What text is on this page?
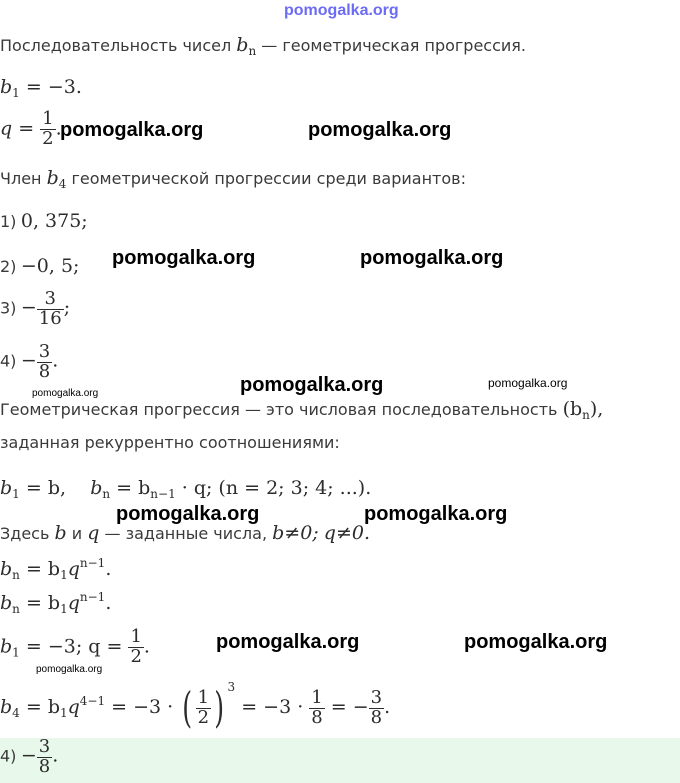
pomogalka.org
Последовательность чисел $b_n$ — геометрическая прогрессия.
$b_1 = -3$.
$q = \frac{1}{2}$ .
pomogalka.org	pomogalka.org
Член $b_4$ геометрической прогрессии среди вариантов:
1) 0, 375;
2) −0, 5; pomogalka.org	pomogalka.org
$3) - \frac{3}{16}$ ;
$4) - \frac{3}{8}$ .
pomogalka.org	pomogalka.org	pomogalka.org
Геометрическая прогрессия — это числовая последовательность $(b_n)$,
заданная рекуррентно соотношениями:
$b_1 = b$, $b_n = b_{n-1} \cdot q$; (n = 2; 3; 4; ...).
Здесь b и q — заданные числа, b≠0; q≠0.
pomogalka.org	pomogalka.org
$b_n = b_1q^{n-1}$.
$b_n = b_1q^{n-1}$.
$b_1 = -3$; $q = \frac{1}{2}$ .	pomogalka.org	pomogalka.org
pomogalka.org
$b_4 = b_1q^{4-1} = -3$ · ( $\frac{1}{2}$ ) $^3 = -3 \cdot \frac{1}{8}$ = − $\frac{3}{8}$ .
$4) - \frac{3}{8}$ .
